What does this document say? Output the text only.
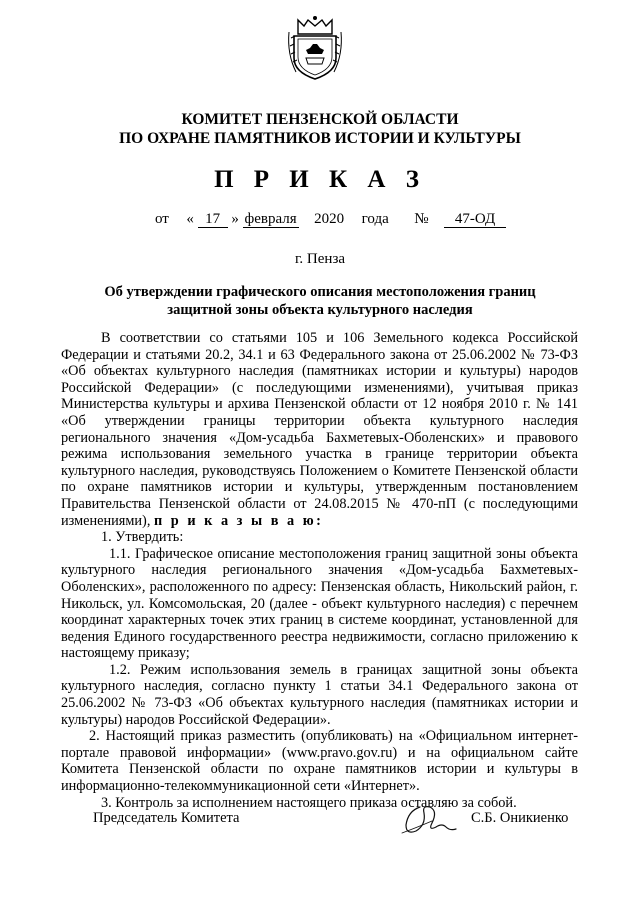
КОМИТЕТ ПЕНЗЕНСКОЙ ОБЛАСТИ
ПО ОХРАНЕ ПАМЯТНИКОВ ИСТОРИИ И КУЛЬТУРЫ
П Р И К А З
от « 17 » февраля 2020 года № 47-ОД
г. Пенза
Об утверждении графического описания местоположения границ
защитной зоны объекта культурного наследия

В соответствии со статьями 105 и 106 Земельного кодекса Российской Федерации и статьями 20.2, 34.1 и 63 Федерального закона от 25.06.2002 № 73-ФЗ «Об объектах культурного наследия (памятниках истории и культуры) народов Российской Федерации» (с последующими изменениями), учитывая приказ Министерства культуры и архива Пензенской области от 12 ноября 2010 г. № 141 «Об утверждении границы территории объекта культурного наследия регионального значения «Дом-усадьба Бахметевых-Оболенских» и правового режима использования земельного участка в границе территории объекта культурного наследия, руководствуясь Положением о Комитете Пензенской области по охране памятников истории и культуры, утвержденным постановлением Правительства Пензенской области от 24.08.2015 № 470-пП (с последующими изменениями), п р и к а з ы в а ю:

1. Утвердить:

1.1. Графическое описание местоположения границ защитной зоны объекта культурного наследия регионального значения «Дом-усадьба Бахметевых-Оболенских», расположенного по адресу: Пензенская область, Никольский район, г. Никольск, ул. Комсомольская, 20 (далее - объект культурного наследия) с перечнем координат характерных точек этих границ в системе координат, установленной для ведения Единого государственного реестра недвижимости, согласно приложению к настоящему приказу;

1.2. Режим использования земель в границах защитной зоны объекта культурного наследия, согласно пункту 1 статьи 34.1 Федерального закона от 25.06.2002 № 73-ФЗ «Об объектах культурного наследия (памятниках истории и культуры) народов Российской Федерации».

2. Настоящий приказ разместить (опубликовать) на «Официальном интернет-портале правовой информации» (www.pravo.gov.ru) и на официальном сайте Комитета Пензенской области по охране памятников истории и культуры в информационно-телекоммуникационной сети «Интернет».

3. Контроль за исполнением настоящего приказа оставляю за собой.

Председатель Комитета	С.Б. Оникиенко
